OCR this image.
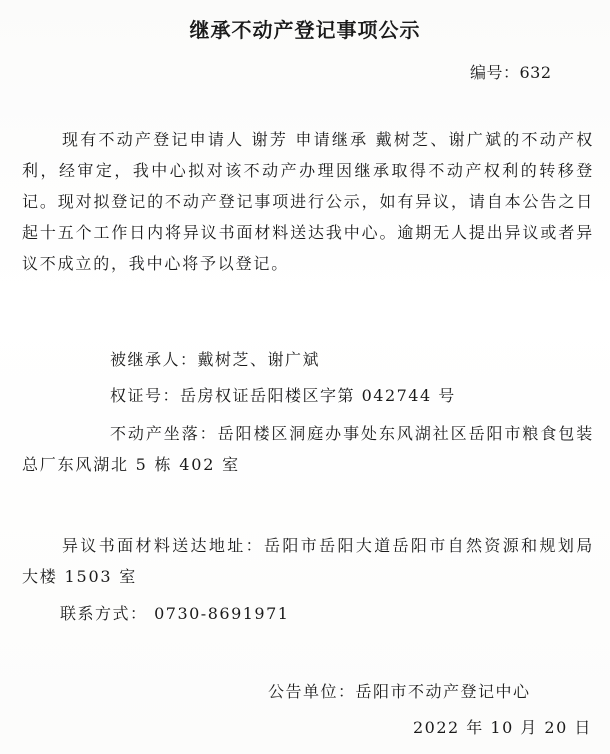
继承不动产登记事项公示
编号：632
现有不动产登记申请人 谢芳 申请继承 戴树芝、谢广斌的不动产权利，经审定，我中心拟对该不动产办理因继承取得不动产权利的转移登记。现对拟登记的不动产登记事项进行公示，如有异议，请自本公告之日起十五个工作日内将异议书面材料送达我中心。逾期无人提出异议或者异议不成立的，我中心将予以登记。
被继承人：戴树芝、谢广斌
权证号：岳房权证岳阳楼区字第 042744 号
不动产坐落：岳阳楼区洞庭办事处东风湖社区岳阳市粮食包装总厂东风湖北 5 栋 402 室
异议书面材料送达地址：岳阳市岳阳大道岳阳市自然资源和规划局大楼 1503 室
联系方式： 0730-8691971
公告单位：岳阳市不动产登记中心
2022 年 10 月 20 日
